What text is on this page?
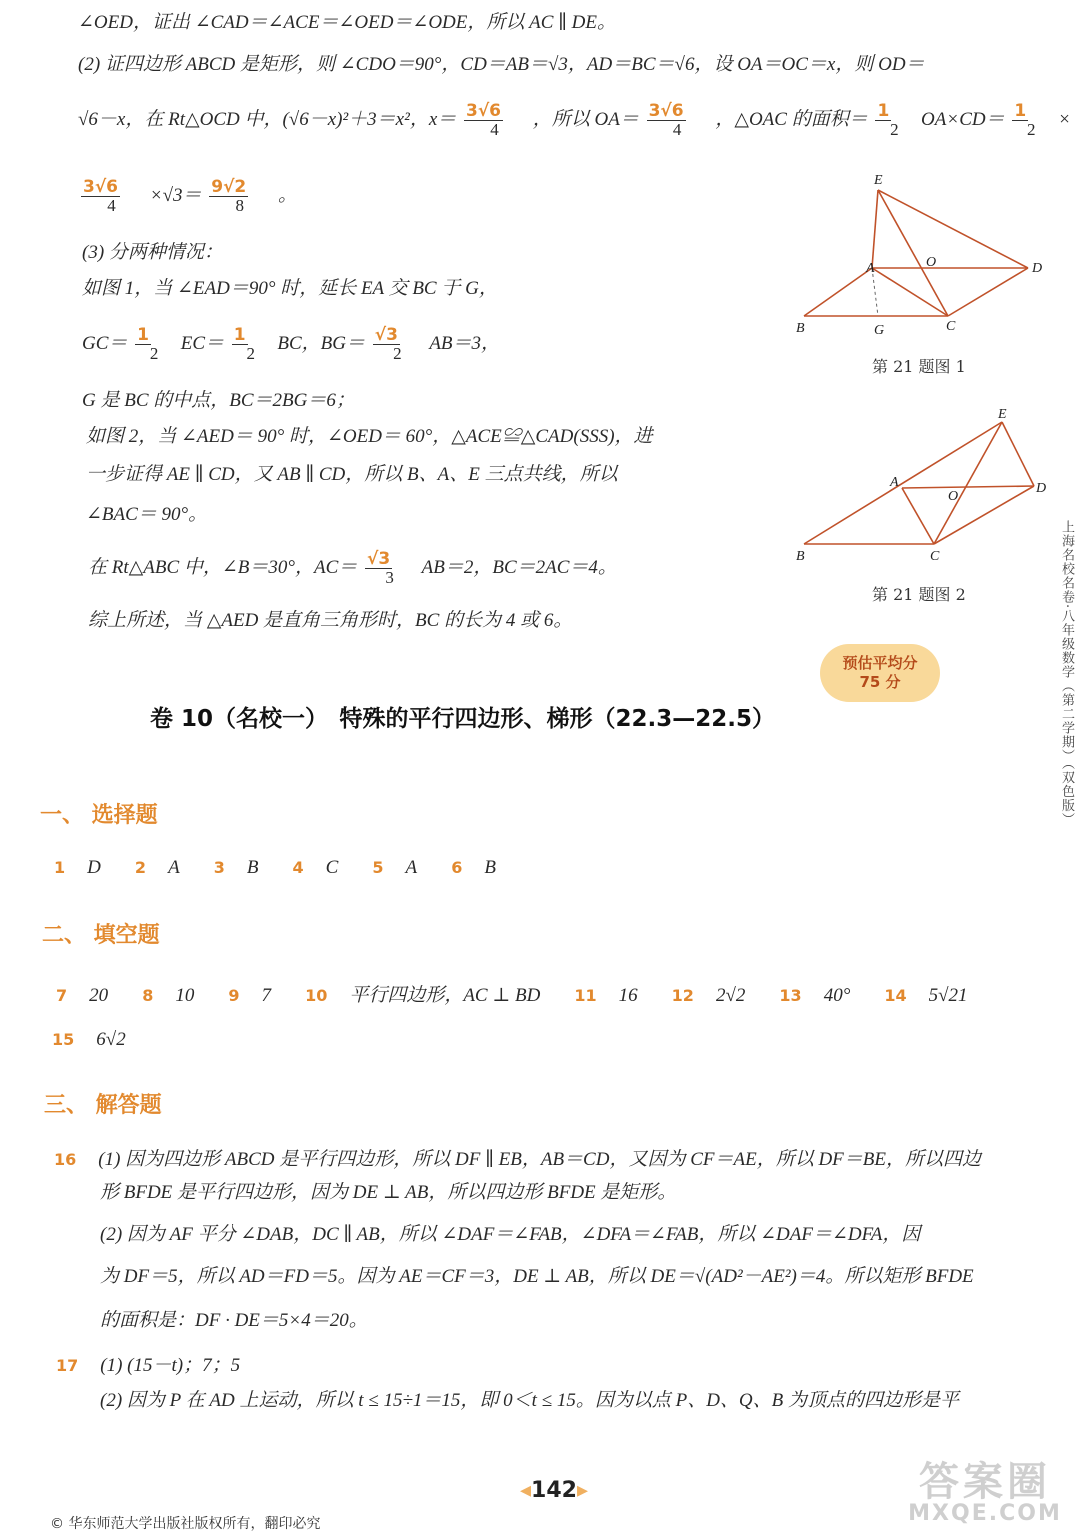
∠OED，证出 ∠CAD＝∠ACE＝∠OED＝∠ODE，所以 AC ∥ DE。
(2) 证四边形 ABCD 是矩形，则 ∠CDO＝90°，CD＝AB＝√3，AD＝BC＝√6，设 OA＝OC＝x，则 OD＝
√6－x，在 Rt△OCD 中，(√6－x)²＋3＝x²，$x= \frac{3√6}{4}$ ，所以 $OA= \frac{3√6}{4}$ ，△OAC 的面积＝ $\frac{1}{2} OA\times CD= \frac{1}{2}$ ×
$\frac{3√6}{4} \times√3= \frac{9√2}{8}$ 。
(3) 分两种情况：
如图 1，当 ∠EAD＝90° 时，延长 EA 交 BC 于 G，
$GC= \frac{1}{2} EC= \frac{1}{2}$ BC，$BG= \frac{√3}{2} AB=3$，
G 是 BC 的中点，BC＝2BG＝6；
如图 2，当 ∠AED＝ 90° 时，∠OED＝ 60°，△ACE≌△CAD(SSS)，进
一步证得 AE ∥ CD，又 AB ∥ CD，所以 B、A、E 三点共线，所以
∠BAC＝ 90°。
在 Rt△ABC 中，∠B＝30°，$AC= \frac{√3}{3} AB=2$，BC＝2AC＝4。
综上所述，当 △AED 是直角三角形时，BC 的长为 4 或 6。
E
A	O	D
B	G	C
第 21 题图 1
E
A
O
D
B	C
第 21 题图 2
预估平均分
75 分
卷 10（名校一）　特殊的平行四边形、梯形（22.3—22.5）
一、 选择题
1 D 2 A 3 B 4 C 5 A 6 B
二、 填空题
7 20 8 10 9 7 10 平行四边形，AC ⊥ BD 11 16 12 2√2 13 40° 14 5√21
15 6√2
三、 解答题
16 (1) 因为四边形 ABCD 是平行四边形，所以 DF ∥ EB，AB＝CD，又因为 CF＝AE，所以 DF＝BE，所以四边
形 BFDE 是平行四边形，因为 DE ⊥ AB，所以四边形 BFDE 是矩形。
(2) 因为 AF 平分 ∠DAB，DC ∥ AB，所以 ∠DAF＝∠FAB，∠DFA＝∠FAB，所以 ∠DAF＝∠DFA，因
为 DF＝5，所以 AD＝FD＝5。因为 AE＝CF＝3，DE ⊥ AB，所以 DE＝√(AD²－AE²)＝4。所以矩形 BFDE
的面积是：DF · DE＝5×4＝20。
17 (1) (15－t)；7；5
(2) 因为 P 在 AD 上运动，所以 t ≤ 15÷1＝15，即 0＜t ≤ 15。因为以点 P、D、Q、B 为顶点的四边形是平
上海名校名卷·八年级数学（第二学期）（双色版）
© 华东师范大学出版社版权所有，翻印必究
◂142▸	答案圈
MXQE.COM
